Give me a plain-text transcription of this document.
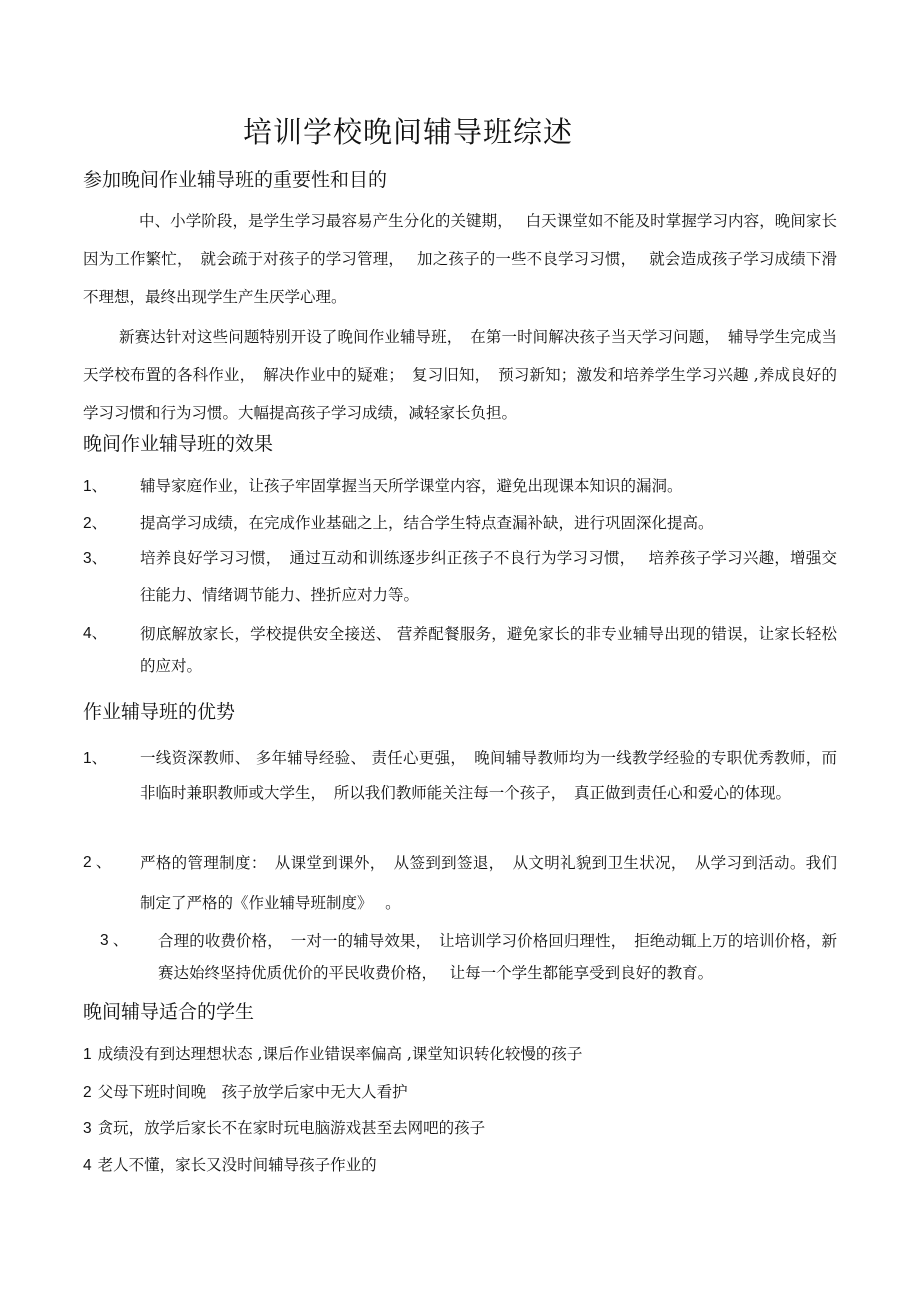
培训学校晚间辅导班综述
参加晚间作业辅导班的重要性和目的

中、小学阶段，是学生学习最容易产生分化的关键期，　 白天课堂如不能及时掌握学习内容，晚间家长因为工作繁忙，　就会疏于对孩子的学习管理，　 加之孩子的一些不良学习习惯，　 就会造成孩子学习成绩下滑不理想，最终出现学生产生厌学心理。

新赛达针对这些问题特别开设了晚间作业辅导班，　在第一时间解决孩子当天学习问题，　辅导学生完成当天学校布置的各科作业，　解决作业中的疑难；　复习旧知，　预习新知；激发和培养学生学习兴趣 ,养成良好的学习习惯和行为习惯。大幅提高孩子学习成绩，减轻家长负担。

晚间作业辅导班的效果
1、 辅导家庭作业，让孩子牢固掌握当天所学课堂内容，避免出现课本知识的漏洞。
2、 提高学习成绩，在完成作业基础之上，结合学生特点查漏补缺，进行巩固深化提高。
3、 培养良好学习习惯，　通过互动和训练逐步纠正孩子不良行为学习习惯，　 培养孩子学习兴趣，增强交往能力、情绪调节能力、挫折应对力等。
4、 彻底解放家长，学校提供安全接送、 营养配餐服务，避免家长的非专业辅导出现的错误，让家长轻松的应对。
作业辅导班的优势
1、 一线资深教师、 多年辅导经验、 责任心更强，　晚间辅导教师均为一线教学经验的专职优秀教师，而非临时兼职教师或大学生，　所以我们教师能关注每一个孩子，　真正做到责任心和爱心的体现。
2 、 严格的管理制度：　从课堂到课外，　从签到到签退，　从文明礼貌到卫生状况，　从学习到活动。我们制定了严格的《作业辅导班制度》　 。
3 、 合理的收费价格，　一对一的辅导效果，　让培训学习价格回归理性，　拒绝动辄上万的培训价格，新赛达始终坚持优质优价的平民收费价格，　 让每一个学生都能享受到良好的教育。
晚间辅导适合的学生
1 成绩没有到达理想状态 ,课后作业错误率偏高 ,课堂知识转化较慢的孩子
2 父母下班时间晚　孩子放学后家中无大人看护
3 贪玩，放学后家长不在家时玩电脑游戏甚至去网吧的孩子
4 老人不懂，家长又没时间辅导孩子作业的
